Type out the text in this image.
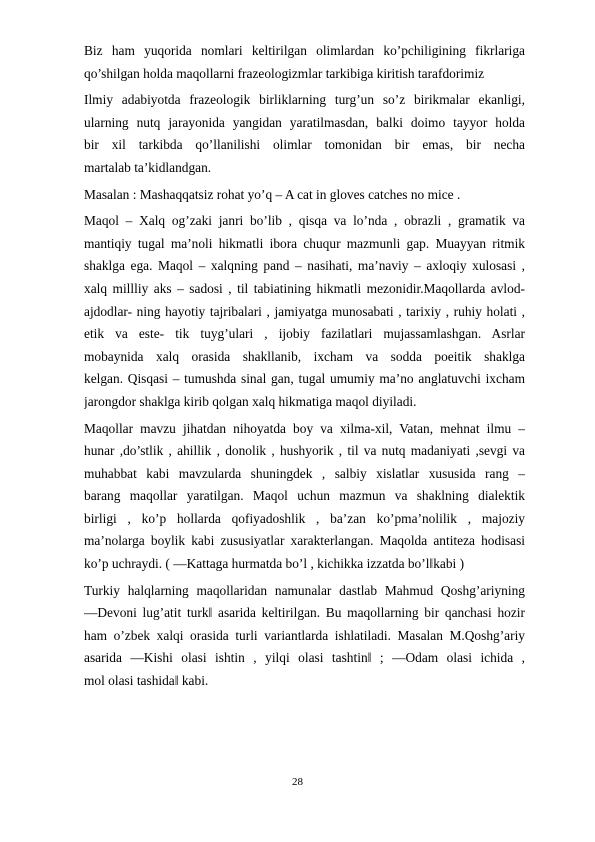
Biz ham yuqorida nomlari keltirilgan olimlardan ko’pchiligining fikrlariga
qo’shilgan holda maqollarni frazeologizmlar tarkibiga kiritish tarafdorimiz
Ilmiy adabiyotda frazeologik birliklarning turg’un so’z birikmalar ekanligi,
ularning nutq jarayonida yangidan yaratilmasdan, balki doimo tayyor holda
bir xil tarkibda qo’llanilishi olimlar tomonidan bir emas, bir necha
martalab ta’kidlandgan.
Masalan : Mashaqqatsiz rohat yo’q – A cat in gloves catches no mice .
Maqol – Xalq og’zaki janri bo’lib , qisqa va lo’nda , obrazli , gramatik va
mantiqiy tugal ma’noli hikmatli ibora chuqur mazmunli gap. Muayyan ritmik
shaklga ega. Maqol – xalqning pand – nasihati, ma’naviy – axloqiy xulosasi ,
xalq millliy aks – sadosi , til tabiatining hikmatli mezonidir.Maqollarda avlod-
ajdodlar- ning hayotiy tajribalari , jamiyatga munosabati , tarixiy , ruhiy holati ,
etik va este- tik tuyg’ulari , ijobiy fazilatlari mujassamlashgan. Asrlar
mobaynida xalq orasida shakllanib, ixcham va sodda poeitik shaklga
kelgan. Qisqasi – tumushda sinal gan, tugal umumiy ma’no anglatuvchi ixcham
jarongdor shaklga kirib qolgan xalq hikmatiga maqol diyiladi.
Maqollar mavzu jihatdan nihoyatda boy va xilma-xil, Vatan, mehnat ilmu –
hunar ,do’stlik , ahillik , donolik , hushyorik , til va nutq madaniyati ,sevgi va
muhabbat kabi mavzularda shuningdek , salbiy xislatlar xususida rang –
barang maqollar yaratilgan. Maqol uchun mazmun va shaklning dialektik
birligi , ko’p hollarda qofiyadoshlik , ba’zan ko’pma’nolilik , majoziy
ma’nolarga boylik kabi zususiyatlar xarakterlangan. Maqolda antiteza hodisasi
ko’p uchraydi. ( ―Kattaga hurmatda bo’l , kichikka izzatda bo’l‖kabi )
Turkiy halqlarning maqollaridan namunalar dastlab Mahmud Qoshg’ariyning
―Devoni lug’atit turk‖ asarida keltirilgan. Bu maqollarning bir qanchasi hozir
ham o’zbek xalqi orasida turli variantlarda ishlatiladi. Masalan M.Qoshg’ariy
asarida ―Kishi olasi ishtin , yilqi olasi tashtin‖ ; ―Odam olasi ichida ,
mol olasi tashida‖ kabi.
28
